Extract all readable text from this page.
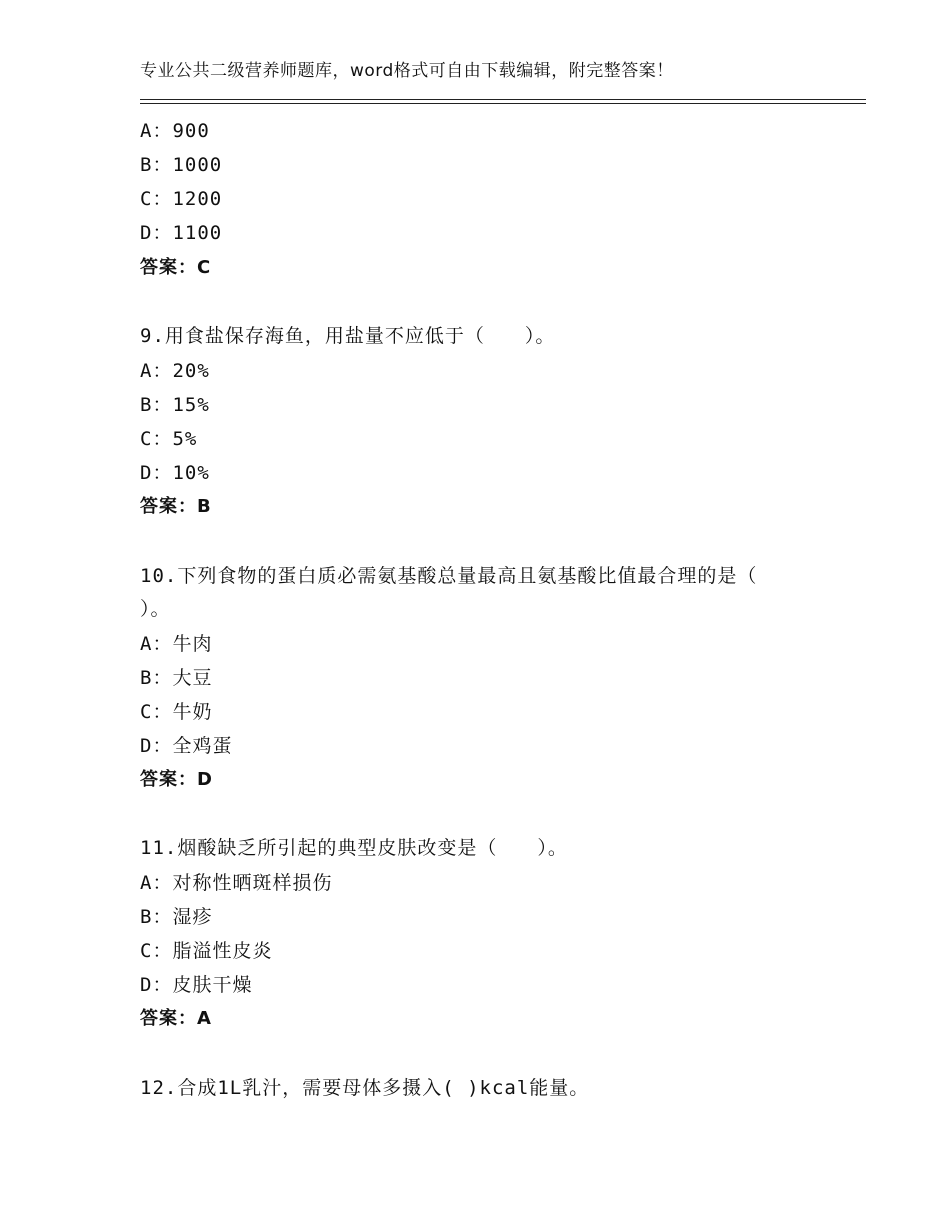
专业公共二级营养师题库，word格式可自由下载编辑，附完整答案！
A：900
B：1000
C：1200
D：1100
答案：C
9.用食盐保存海鱼，用盐量不应低于（　　）。
A：20%
B：15%
C：5%
D：10%
答案：B
10.下列食物的蛋白质必需氨基酸总量最高且氨基酸比值最合理的是（
）。
A：牛肉
B：大豆
C：牛奶
D：全鸡蛋
答案：D
11.烟酸缺乏所引起的典型皮肤改变是（　　）。
A：对称性晒斑样损伤
B：湿疹
C：脂溢性皮炎
D：皮肤干燥
答案：A
12.合成1L乳汁，需要母体多摄入( )kcal能量。
